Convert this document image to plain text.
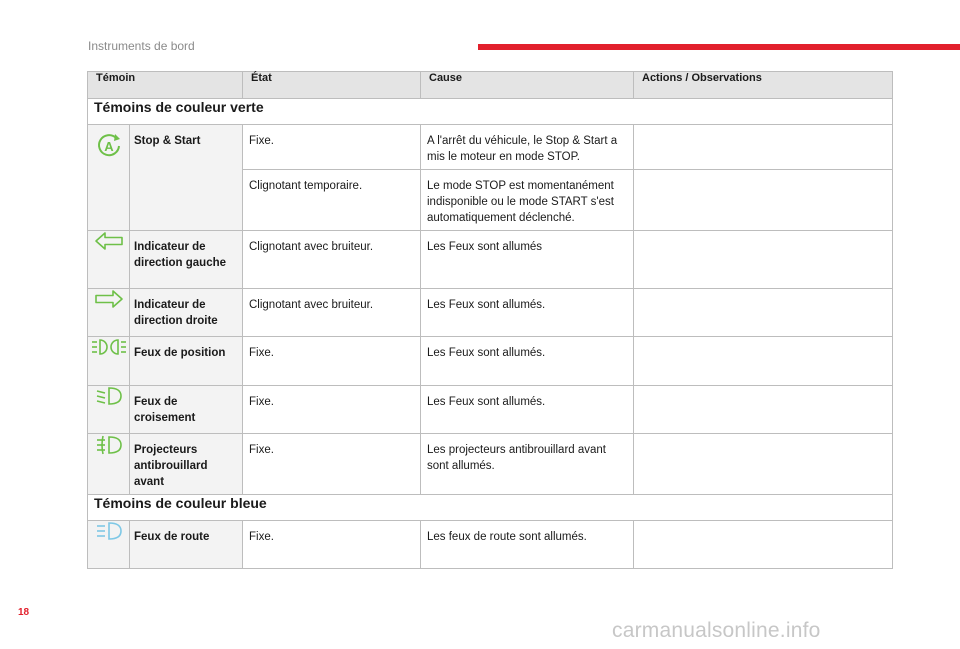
Instruments de bord
Témoin		État	Cause	Actions / Observations
Témoins de couleur verte				

A	Stop & Start	Fixe.	A l'arrêt du véhicule, le Stop & Start a mis le moteur en mode STOP.	
		Clignotant temporaire.	Le mode STOP est momentanément indisponible ou le mode START s'est automatiquement déclenché.	

	Indicateur de direction gauche	Clignotant avec bruiteur.	Les Feux sont allumés	

	Indicateur de direction droite	Clignotant avec bruiteur.	Les Feux sont allumés.	

	Feux de position	Fixe.	Les Feux sont allumés.	

	Feux de croisement	Fixe.	Les Feux sont allumés.	

	Projecteurs antibrouillard avant	Fixe.	Les projecteurs antibrouillard avant sont allumés.	
Témoins de couleur bleue				

	Feux de route	Fixe.	Les feux de route sont allumés.	
18
carmanualsonline.info
